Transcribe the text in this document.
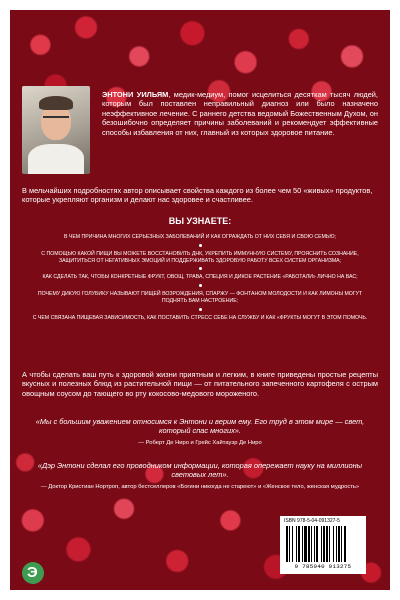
ЭНТОНИ УИЛЬЯМ, медик-медиум, помог исцелиться десяткам тысяч людей, которым был поставлен неправильный диагноз или было назначено неэффективное лечение. С раннего детства ведомый Божественным Духом, он безошибочно определяет причины заболеваний и рекомендует эффективные способы избавления от них, главный из которых здоровое питание.
В мельчайших подробностях автор описывает свойства каждого из более чем 50 «живых» продуктов, которые укрепляют организм и делают нас здоровее и счастливее.
ВЫ УЗНАЕТЕ:
В ЧЕМ ПРИЧИНА МНОГИХ СЕРЬЕЗНЫХ ЗАБОЛЕВАНИЙ И КАК ОГРАЖДАТЬ ОТ НИХ СЕБЯ И СВОЮ СЕМЬЮ;
С ПОМОЩЬЮ КАКОЙ ПИЩИ ВЫ МОЖЕТЕ ВОССТАНОВИТЬ ДНК, УКРЕПИТЬ ИММУННУЮ СИСТЕМУ, ПРОЯСНИТЬ СОЗНАНИЕ, ЗАЩИТИТЬСЯ ОТ НЕГАТИВНЫХ ЭМОЦИЙ И ПОДДЕРЖИВАТЬ ЗДОРОВУЮ РАБОТУ ВСЕХ СИСТЕМ ОРГАНИЗМА;
КАК СДЕЛАТЬ ТАК, ЧТОБЫ КОНКРЕТНЫЕ ФРУКТ, ОВОЩ, ТРАВА, СПЕЦИЯ И ДИКОЕ РАСТЕНИЕ «РАБОТАЛИ» ЛИЧНО НА ВАС;
ПОЧЕМУ ДИКУЮ ГОЛУБИКУ НАЗЫВАЮТ ПИЩЕЙ ВОЗРОЖДЕНИЯ, СПАРЖУ — ФОНТАНОМ МОЛОДОСТИ И КАК ЛИМОНЫ МОГУТ ПОДНЯТЬ ВАМ НАСТРОЕНИЕ;
С ЧЕМ СВЯЗАНА ПИЩЕВАЯ ЗАВИСИМОСТЬ, КАК ПОСТАВИТЬ СТРЕСС СЕБЕ НА СЛУЖБУ И КАК «ФРУКТЫ МОГУТ В ЭТОМ ПОМОЧЬ.
А чтобы сделать ваш путь к здоровой жизни приятным и легким, в книге приведены простые рецепты вкусных и полезных блюд из растительной пищи — от питательного запеченного картофеля с острым овощным соусом до тающего во рту кокосово-медового мороженого.
«Мы с большим уважением относимся к Энтони и верим ему. Его труд в этом мире — свет, который спас многих».
— Роберт Де Ниро и Грейс Хайтауэр Де Ниро
«Дэр Энтони сделал его проводником информации, которая опережает науку на миллионы световых лет».
— Доктор Кристиан Нортроп, автор бестселлеров «Богини никогда не стареют» и «Женское тело, женская мудрость»
Э
ISBN 978-5-04-091327-5
9 785040 913275
